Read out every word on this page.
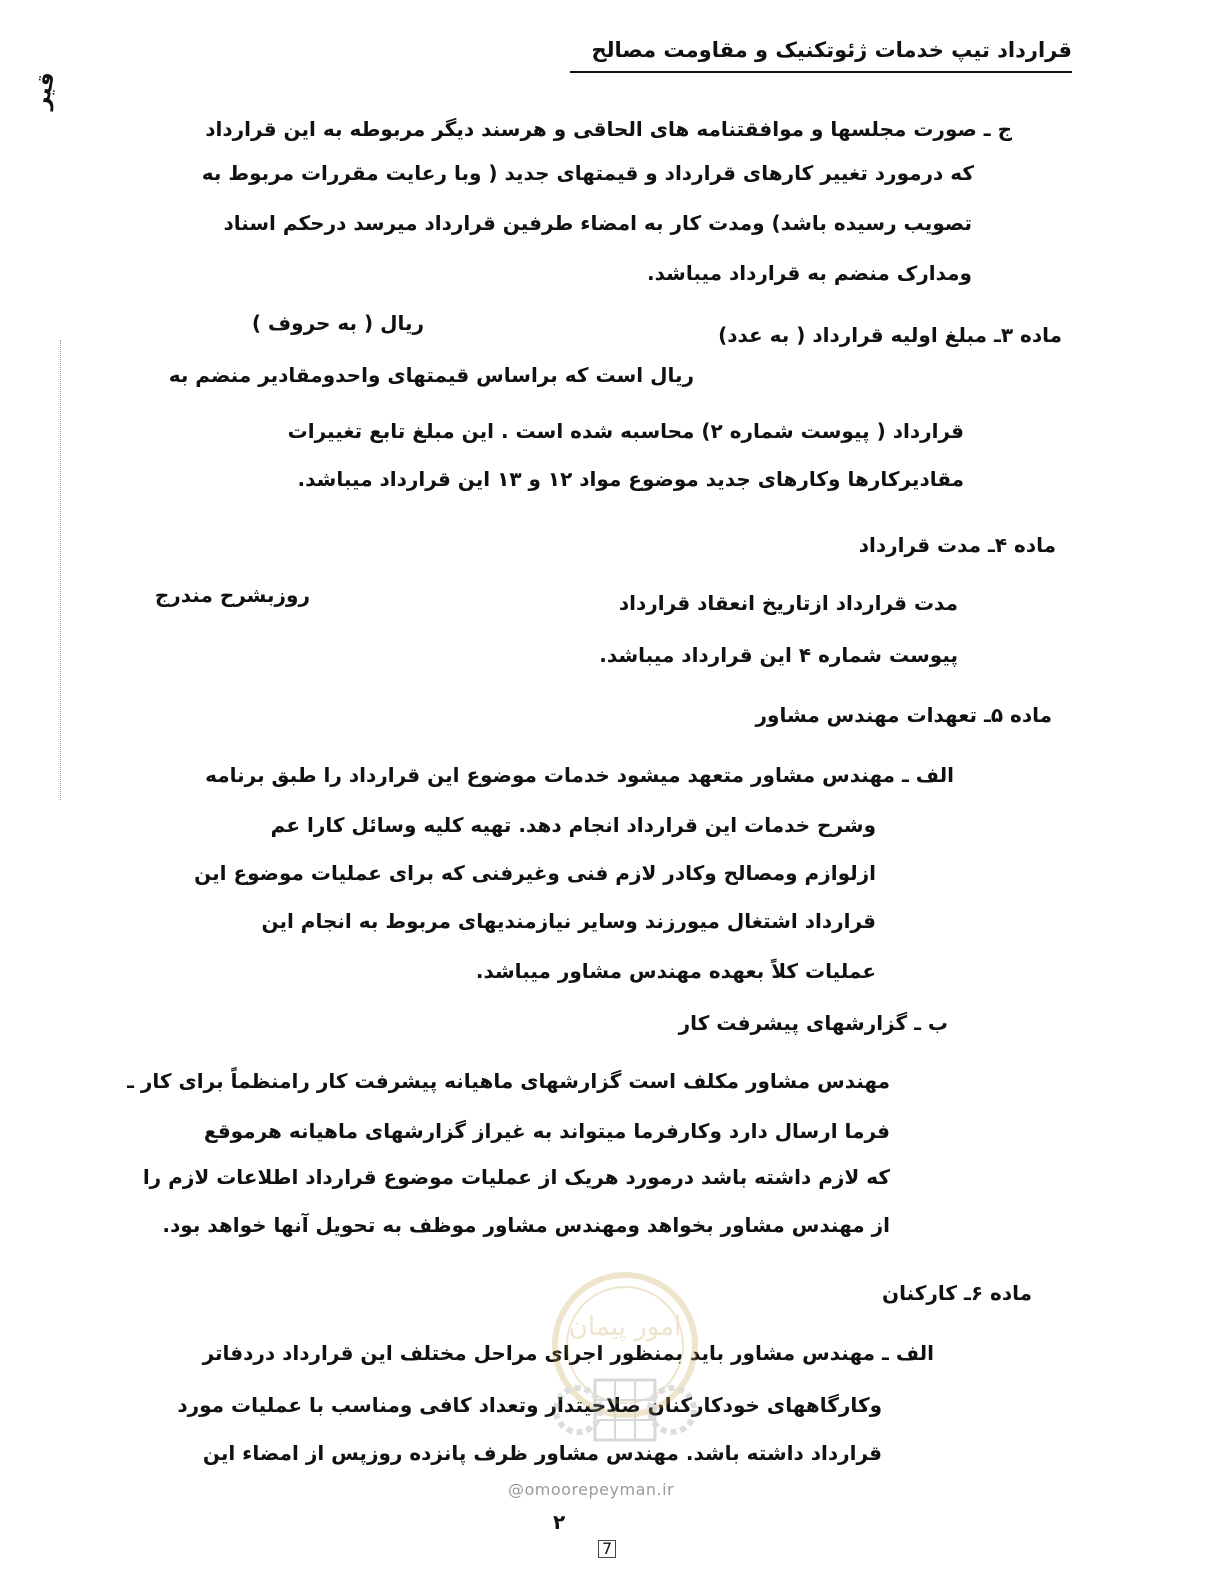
قرارداد تیپ خدمات ژئوتکنیک و مقاومت مصالح
قیر
ج ـ صورت مجلسها و موافقتنامه های الحاقی و هرسند دیگر مربوطه به این قرارداد
که درمورد تغییر کارهای قرارداد و قیمتهای جدید ( وبا رعایت مقررات مربوط به
تصویب رسیده باشد) ومدت کار به امضاء طرفین قرارداد میرسد درحکم اسناد
ومدارک منضم به قرارداد میباشد.
ماده ۳ـ مبلغ اولیه قرارداد ( به عدد)
ریال ( به حروف )
ریال است که براساس قیمتهای واحدومقادیر منضم به
قرارداد ( پیوست شماره ۲) محاسبه شده است . این مبلغ تابع تغییرات
مقادیرکارها وکارهای جدید موضوع مواد ۱۲ و ۱۳ این قرارداد میباشد.
ماده ۴ـ مدت قرارداد
مدت قرارداد ازتاریخ انعقاد قرارداد
روزبشرح مندرج
پیوست شماره ۴ این قرارداد میباشد.
ماده ۵ـ تعهدات مهندس مشاور
الف ـ مهندس مشاور متعهد میشود خدمات موضوع این قرارداد را طبق برنامه
وشرح خدمات این قرارداد انجام دهد. تهیه کلیه وسائل کارا عم
ازلوازم ومصالح وکادر لازم فنی وغیرفنی که برای عملیات موضوع این
قرارداد اشتغال میورزند وسایر نیازمندیهای مربوط به انجام این
عملیات کلاً بعهده مهندس مشاور میباشد.
ب ـ گزارشهای پیشرفت کار
مهندس مشاور مکلف است گزارشهای ماهیانه پیشرفت کار رامنظماً برای کار ـ
فرما ارسال دارد وکارفرما میتواند به غیراز گزارشهای ماهیانه هرموقع
که لازم داشته باشد درمورد هریک از عملیات موضوع قرارداد اطلاعات لازم را
از مهندس مشاور بخواهد ومهندس مشاور موظف به تحویل آنها خواهد بود.
ماده ۶ـ کارکنان
الف ـ مهندس مشاور باید بمنظور اجرای مراحل مختلف این قرارداد دردفاتر
وکارگاههای خودکارکنان صلاحیتدار وتعداد کافی ومناسب با عملیات مورد
قرارداد داشته باشد. مهندس مشاور ظرف پانزده روزپس از امضاء این
امور پیمان
@omoorepeyman.ir
۲
7
